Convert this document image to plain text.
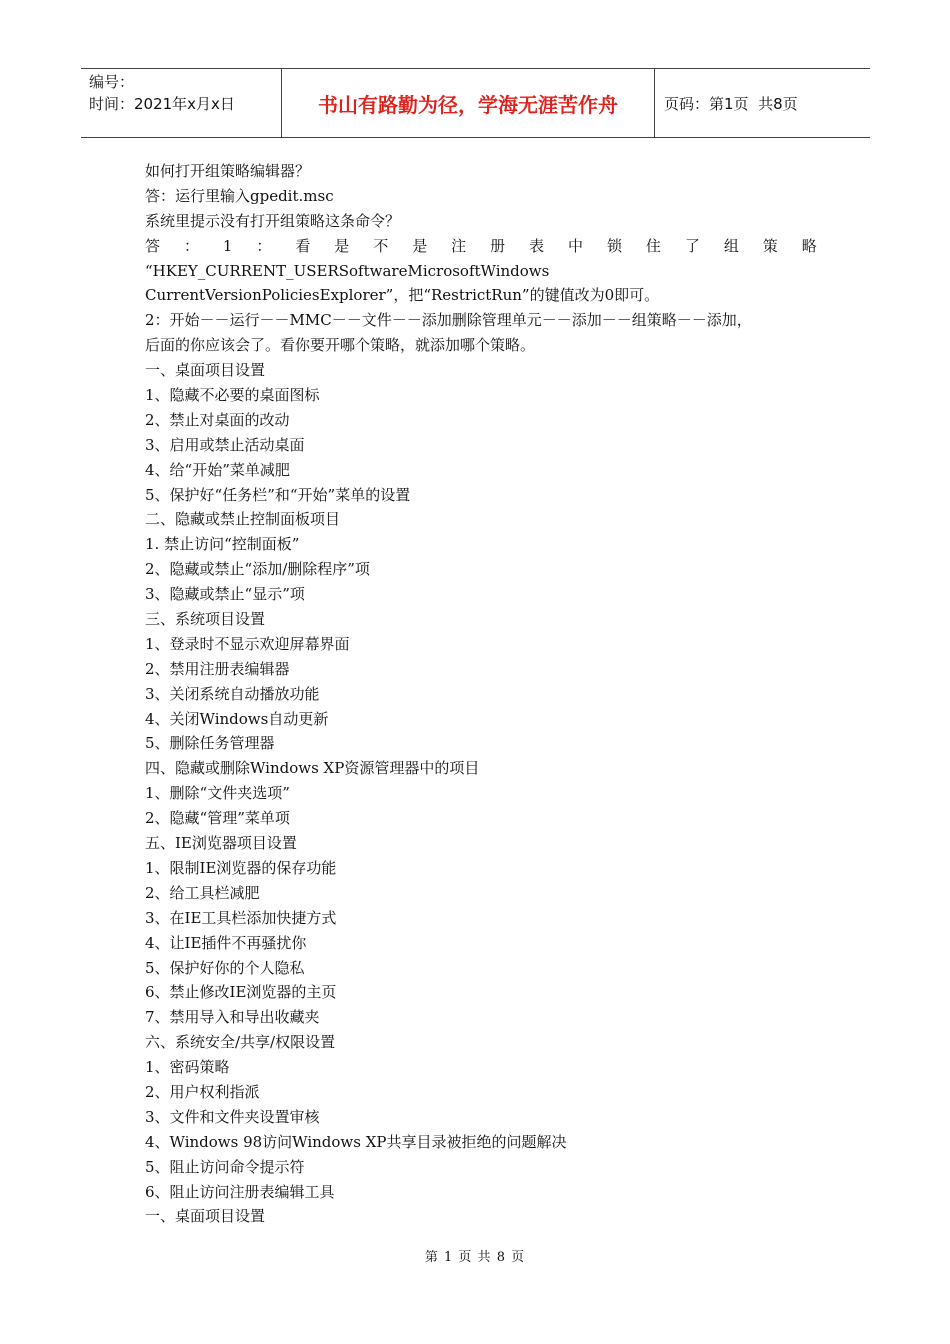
编号：
时间：2021年x月x日	书山有路勤为径，学海无涯苦作舟	页码：第1页  共8页
如何打开组策略编辑器？
答：运行里输入gpedit.msc
系统里提示没有打开组策略这条命令？
答 ： 1 ： 看 是 不 是 注 册 表 中 锁 住 了 组 策 略
“HKEY_CURRENT_USERSoftwareMicrosoftWindows
CurrentVersionPoliciesExplorer”，把“RestrictRun”的键值改为0即可。
2：开始－－运行－－MMC－－文件－－添加删除管理单元－－添加－－组策略－－添加，
后面的你应该会了。看你要开哪个策略，就添加哪个策略。
一、桌面项目设置
1、隐藏不必要的桌面图标
2、禁止对桌面的改动
3、启用或禁止活动桌面
4、给“开始”菜单减肥
5、保护好“任务栏”和“开始”菜单的设置
二、隐藏或禁止控制面板项目
1. 禁止访问“控制面板”
2、隐藏或禁止“添加/删除程序”项
3、隐藏或禁止“显示”项
三、系统项目设置
1、登录时不显示欢迎屏幕界面
2、禁用注册表编辑器
3、关闭系统自动播放功能
4、关闭Windows自动更新
5、删除任务管理器
四、隐藏或删除Windows XP资源管理器中的项目
1、删除“文件夹选项”
2、隐藏“管理”菜单项
五、IE浏览器项目设置
1、限制IE浏览器的保存功能
2、给工具栏减肥
3、在IE工具栏添加快捷方式
4、让IE插件不再骚扰你
5、保护好你的个人隐私
6、禁止修改IE浏览器的主页
7、禁用导入和导出收藏夹
六、系统安全/共享/权限设置
1、密码策略
2、用户权利指派
3、文件和文件夹设置审核
4、Windows 98访问Windows XP共享目录被拒绝的问题解决
5、阻止访问命令提示符
6、阻止访问注册表编辑工具
一、桌面项目设置
第 1 页 共 8 页
